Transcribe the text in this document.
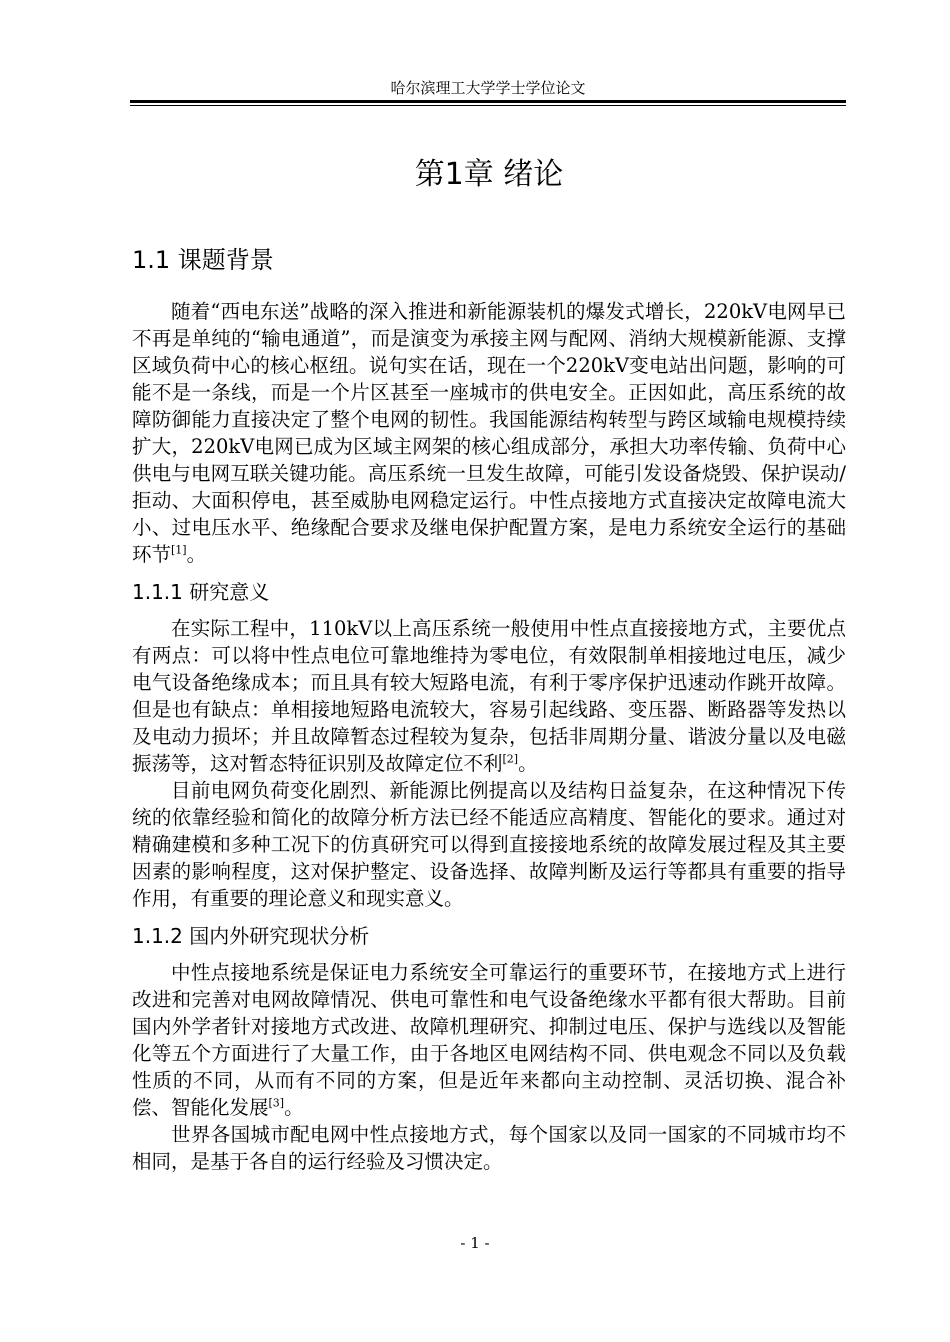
哈尔滨理工大学学士学位论文
第1章 绪论
1.1 课题背景

随着“西电东送”战略的深入推进和新能源装机的爆发式增长，220kV电网早已不再是单纯的“输电通道”，而是演变为承接主网与配网、消纳大规模新能源、支撑区域负荷中心的核心枢纽。说句实在话，现在一个220kV变电站出问题，影响的可能不是一条线，而是一个片区甚至一座城市的供电安全。正因如此，高压系统的故障防御能力直接决定了整个电网的韧性。我国能源结构转型与跨区域输电规模持续扩大，220kV电网已成为区域主网架的核心组成部分，承担大功率传输、负荷中心供电与电网互联关键功能。高压系统一旦发生故障，可能引发设备烧毁、保护误动/拒动、大面积停电，甚至威胁电网稳定运行。中性点接地方式直接决定故障电流大小、过电压水平、绝缘配合要求及继电保护配置方案，是电力系统安全运行的基础环节[1]。

1.1.1 研究意义

在实际工程中，110kV以上高压系统一般使用中性点直接接地方式，主要优点有两点：可以将中性点电位可靠地维持为零电位，有效限制单相接地过电压，减少电气设备绝缘成本；而且具有较大短路电流，有利于零序保护迅速动作跳开故障。但是也有缺点：单相接地短路电流较大，容易引起线路、变压器、断路器等发热以及电动力损坏；并且故障暂态过程较为复杂，包括非周期分量、谐波分量以及电磁振荡等，这对暂态特征识别及故障定位不利[2]。

目前电网负荷变化剧烈、新能源比例提高以及结构日益复杂，在这种情况下传统的依靠经验和简化的故障分析方法已经不能适应高精度、智能化的要求。通过对精确建模和多种工况下的仿真研究可以得到直接接地系统的故障发展过程及其主要因素的影响程度，这对保护整定、设备选择、故障判断及运行等都具有重要的指导作用，有重要的理论意义和现实意义。

1.1.2 国内外研究现状分析

中性点接地系统是保证电力系统安全可靠运行的重要环节，在接地方式上进行改进和完善对电网故障情况、供电可靠性和电气设备绝缘水平都有很大帮助。目前国内外学者针对接地方式改进、故障机理研究、抑制过电压、保护与选线以及智能化等五个方面进行了大量工作，由于各地区电网结构不同、供电观念不同以及负载性质的不同，从而有不同的方案，但是近年来都向主动控制、灵活切换、混合补偿、智能化发展[3]。

世界各国城市配电网中性点接地方式，每个国家以及同一国家的不同城市均不相同，是基于各自的运行经验及习惯决定。

- 1 -
